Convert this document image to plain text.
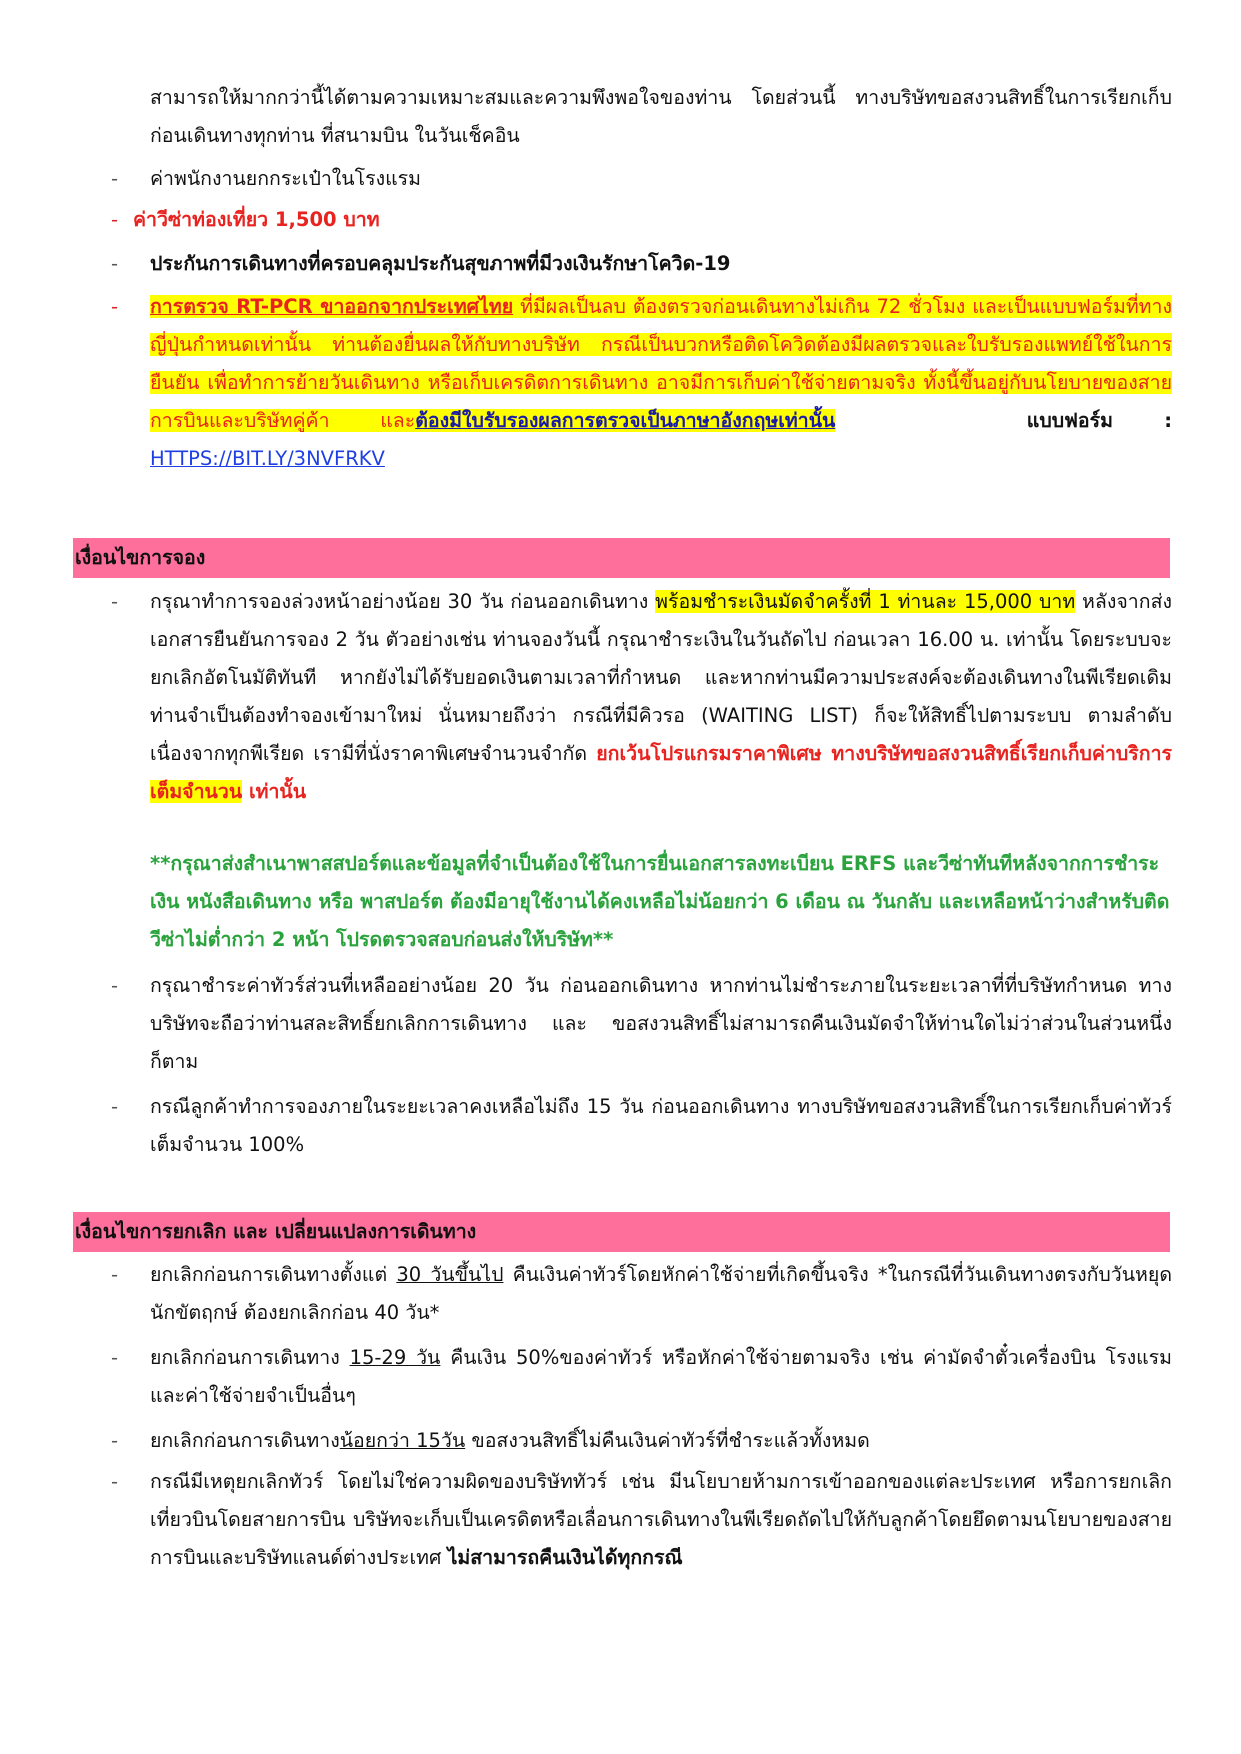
สามารถให้มากกว่านี้ได้ตามความเหมาะสมและความพึงพอใจของท่าน โดยส่วนนี้ ทางบริษัทขอสงวนสิทธิ์ในการเรียกเก็บก่อนเดินทางทุกท่าน ที่สนามบิน ในวันเช็คอิน
-	ค่าพนักงานยกกระเป๋าในโรงแรม
- ค่าวีซ่าท่องเที่ยว 1,500 บาท
-	ประกันการเดินทางที่ครอบคลุมประกันสุขภาพที่มีวงเงินรักษาโควิด-19
-	การตรวจ RT-PCR ขาออกจากประเทศไทย ที่มีผลเป็นลบ ต้องตรวจก่อนเดินทางไม่เกิน 72 ชั่วโมง และเป็นแบบฟอร์มที่ทางญี่ปุ่นกำหนดเท่านั้น ท่านต้องยื่นผลให้กับทางบริษัท กรณีเป็นบวกหรือติดโควิดต้องมีผลตรวจและใบรับรองแพทย์ใช้ในการยืนยัน เพื่อทำการย้ายวันเดินทาง หรือเก็บเครดิตการเดินทาง อาจมีการเก็บค่าใช้จ่ายตามจริง ทั้งนี้ขึ้นอยู่กับนโยบายของสายการบินและบริษัทคู่ค้า และต้องมีใบรับรองผลการตรวจเป็นภาษาอังกฤษเท่านั้น	แบบฟอร์ม : HTTPS://BIT.LY/3NVFRKV
เงื่อนไขการจอง
-	กรุณาทำการจองล่วงหน้าอย่างน้อย 30 วัน ก่อนออกเดินทาง พร้อมชำระเงินมัดจำครั้งที่ 1 ท่านละ 15,000 บาท หลังจากส่งเอกสารยืนยันการจอง 2 วัน ตัวอย่างเช่น ท่านจองวันนี้ กรุณาชำระเงินในวันถัดไป ก่อนเวลา 16.00 น. เท่านั้น โดยระบบจะยกเลิกอัตโนมัติทันที หากยังไม่ได้รับยอดเงินตามเวลาที่กำหนด และหากท่านมีความประสงค์จะต้องเดินทางในพีเรียดเดิม ท่านจำเป็นต้องทำจองเข้ามาใหม่ นั่นหมายถึงว่า กรณีที่มีคิวรอ (WAITING LIST) ก็จะให้สิทธิ์ไปตามระบบ ตามลำดับ เนื่องจากทุกพีเรียด เรามีที่นั่งราคาพิเศษจำนวนจำกัด ยกเว้นโปรแกรมราคาพิเศษ ทางบริษัทขอสงวนสิทธิ์เรียกเก็บค่าบริการ เต็มจำนวน เท่านั้น
**กรุณาส่งสำเนาพาสสปอร์ตและข้อมูลที่จำเป็นต้องใช้ในการยื่นเอกสารลงทะเบียน ERFS และวีซ่าทันทีหลังจากการชำระเงิน หนังสือเดินทาง หรือ พาสปอร์ต ต้องมีอายุใช้งานได้คงเหลือไม่น้อยกว่า 6 เดือน ณ วันกลับ และเหลือหน้าว่างสำหรับติดวีซ่าไม่ต่ำกว่า 2 หน้า โปรดตรวจสอบก่อนส่งให้บริษัท**
-	กรุณาชำระค่าทัวร์ส่วนที่เหลืออย่างน้อย 20 วัน ก่อนออกเดินทาง หากท่านไม่ชำระภายในระยะเวลาที่ที่บริษัทกำหนด ทางบริษัทจะถือว่าท่านสละสิทธิ์ยกเลิกการเดินทาง และ ขอสงวนสิทธิ์ไม่สามารถคืนเงินมัดจำให้ท่านใดไม่ว่าส่วนในส่วนหนึ่งก็ตาม
-	กรณีลูกค้าทำการจองภายในระยะเวลาคงเหลือไม่ถึง 15 วัน ก่อนออกเดินทาง ทางบริษัทขอสงวนสิทธิ์ในการเรียกเก็บค่าทัวร์เต็มจำนวน 100%
เงื่อนไขการยกเลิก และ เปลี่ยนแปลงการเดินทาง
-	ยกเลิกก่อนการเดินทางตั้งแต่ 30 วันขึ้นไป คืนเงินค่าทัวร์โดยหักค่าใช้จ่ายที่เกิดขึ้นจริง *ในกรณีที่วันเดินทางตรงกับวันหยุดนักขัตฤกษ์ ต้องยกเลิกก่อน 40 วัน*
-	ยกเลิกก่อนการเดินทาง 15-29 วัน คืนเงิน 50%ของค่าทัวร์ หรือหักค่าใช้จ่ายตามจริง เช่น ค่ามัดจำตั๋วเครื่องบิน โรงแรม และค่าใช้จ่ายจำเป็นอื่นๆ
-	ยกเลิกก่อนการเดินทางน้อยกว่า 15วัน ขอสงวนสิทธิ์ไม่คืนเงินค่าทัวร์ที่ชำระแล้วทั้งหมด
-	กรณีมีเหตุยกเลิกทัวร์ โดยไม่ใช่ความผิดของบริษัททัวร์ เช่น มีนโยบายห้ามการเข้าออกของแต่ละประเทศ หรือการยกเลิกเที่ยวบินโดยสายการบิน บริษัทจะเก็บเป็นเครดิตหรือเลื่อนการเดินทางในพีเรียดถัดไปให้กับลูกค้าโดยยึดตามนโยบายของสายการบินและบริษัทแลนด์ต่างประเทศ ไม่สามารถคืนเงินได้ทุกกรณี
